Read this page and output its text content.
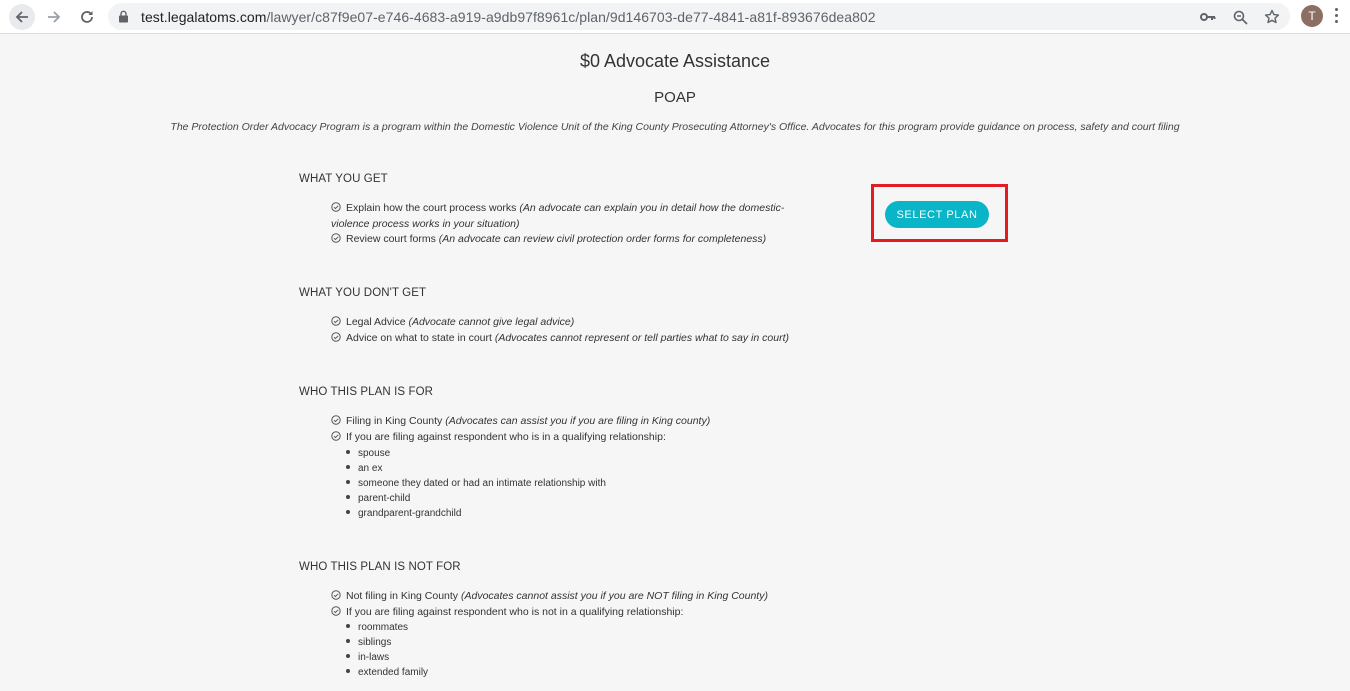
test.legalatoms.com/lawyer/c87f9e07-e746-4683-a919-a9db97f8961c/plan/9d146703-de77-4841-a81f-893676dea802	T
$0 Advocate Assistance
POAP
The Protection Order Advocacy Program is a program within the Domestic Violence Unit of the King County Prosecuting Attorney's Office. Advocates for this program provide guidance on process, safety and court filing
SELECT PLAN
WHAT YOU GET
Explain how the court process works (An advocate can explain you in detail how the domestic-
violence process works in your situation)
Review court forms (An advocate can review civil protection order forms for completeness)
WHAT YOU DON'T GET
Legal Advice (Advocate cannot give legal advice)
Advice on what to state in court (Advocates cannot represent or tell parties what to say in court)
WHO THIS PLAN IS FOR
Filing in King County (Advocates can assist you if you are filing in King county)
If you are filing against respondent who is in a qualifying relationship:
spouse
an ex
someone they dated or had an intimate relationship with
parent-child
grandparent-grandchild
WHO THIS PLAN IS NOT FOR
Not filing in King County (Advocates cannot assist you if you are NOT filing in King County)
If you are filing against respondent who is not in a qualifying relationship:
roommates
siblings
in-laws
extended family
